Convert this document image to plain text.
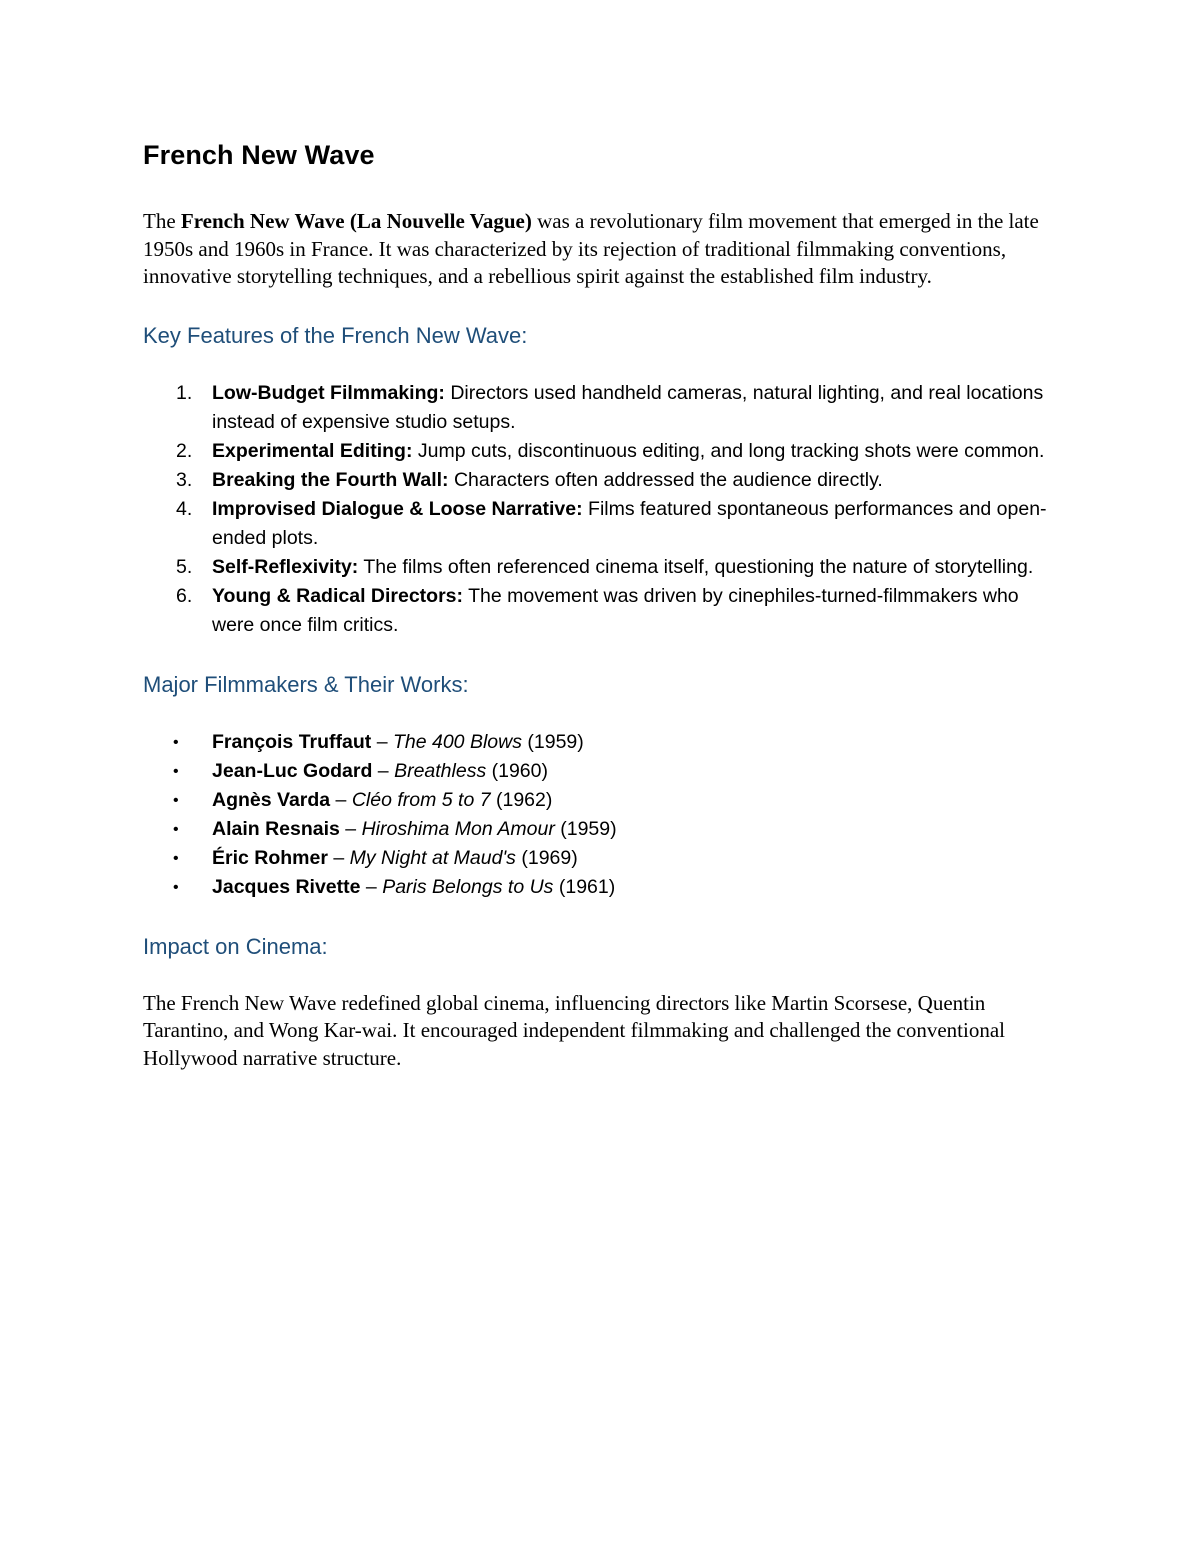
French New Wave

The French New Wave (La Nouvelle Vague) was a revolutionary film movement that emerged in the late 1950s and 1960s in France. It was characterized by its rejection of traditional filmmaking conventions, innovative storytelling techniques, and a rebellious spirit against the established film industry.

Key Features of the French New Wave:
1. Low-Budget Filmmaking: Directors used handheld cameras, natural lighting, and real locations instead of expensive studio setups.
2. Experimental Editing: Jump cuts, discontinuous editing, and long tracking shots were common.
3. Breaking the Fourth Wall: Characters often addressed the audience directly.
4. Improvised Dialogue & Loose Narrative: Films featured spontaneous performances and open-ended plots.
5. Self-Reflexivity: The films often referenced cinema itself, questioning the nature of storytelling.
6. Young & Radical Directors: The movement was driven by cinephiles-turned-filmmakers who were once film critics.
Major Filmmakers & Their Works:
• François Truffaut – The 400 Blows (1959)
• Jean-Luc Godard – Breathless (1960)
• Agnès Varda – Cléo from 5 to 7 (1962)
• Alain Resnais – Hiroshima Mon Amour (1959)
• Éric Rohmer – My Night at Maud's (1969)
• Jacques Rivette – Paris Belongs to Us (1961)
Impact on Cinema:

The French New Wave redefined global cinema, influencing directors like Martin Scorsese, Quentin Tarantino, and Wong Kar-wai. It encouraged independent filmmaking and challenged the conventional Hollywood narrative structure.
